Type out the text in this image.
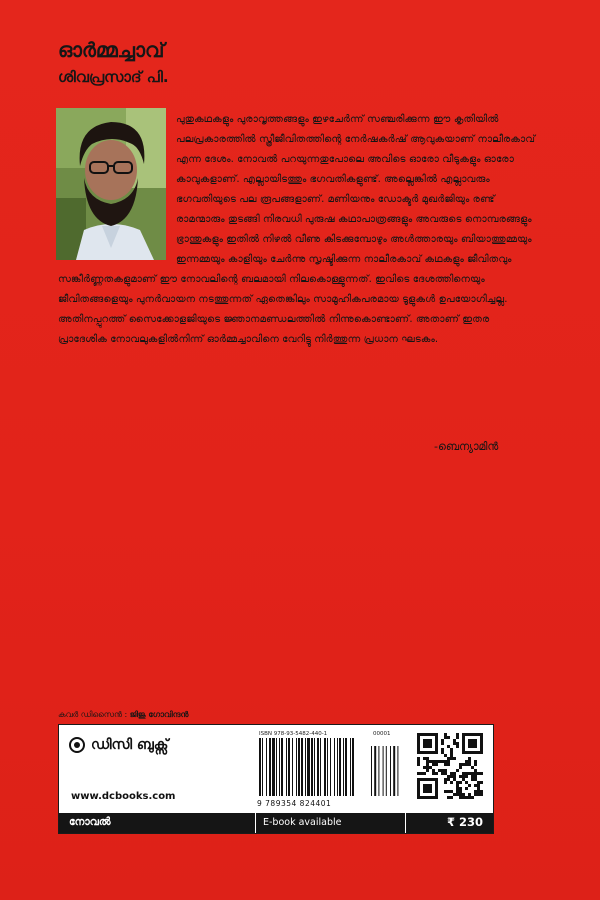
ഓർമ്മച്ചാവ്
ശിവപ്രസാദ് പി.

പുതുകഥകളും പുരാവൃത്തങ്ങളും ഇഴചേർന്ന് സഞ്ചരിക്കുന്ന ഈ കൃതിയിൽ പലപ്രകാരത്തിൽ സ്ത്രീജീവിതത്തിന്റെ നേർഷകർഷ് ആവുകയാണ് നാലീരകാവ് എന്ന ദേശം. നോവൽ പറയുന്നതുപോലെ അവിടെ ഓരോ വീടുകളും ഓരോ കാവുകളാണ്. എല്ലായിടത്തും ഭഗവതികളുണ്ട്. അല്ലെങ്കിൽ എല്ലാവരും ഭഗവതിയുടെ പല രൂപങ്ങളാണ്. മണിയനും ഡോക്ടർ മുഖർജിയും രണ്ട് രാമന്മാരും തുടങ്ങി നിരവധി പുരുഷ കഥാപാത്രങ്ങളും അവരുടെ നൊമ്പരങ്ങളും ഭ്രാന്തുകളും ഇതിൽ നിഴൽ വീണു കിടക്കുമ്പോഴും അൾത്താരയും ബിയാത്തുമ്മയും ഇന്നമ്മയും കാളിയും ചേർന്നു സൃഷ്ടിക്കുന്ന നാലീരകാവ് കഥകളും ജീവിതവും സങ്കീർണ്ണതകളുമാണ് ഈ നോവലിന്റെ ബലമായി നിലകൊള്ളുന്നത്. ഇവിടെ ദേശത്തിനെയും ജീവിതങ്ങളെയും പുനർവായന നടത്തുന്നത് ഏതെങ്കിലും സാമൂഹികപരമായ ടൂളുകൾ ഉപയോഗിച്ചല്ല. അതിനപ്പുറത്ത് സൈക്കോളജിയുടെ ജ്ഞാനമണ്ഡലത്തിൽ നിന്നുകൊണ്ടാണ്. അതാണ് ഇതര പ്രാദേശിക നോവലുകളിൽനിന്ന് ഓർമ്മച്ചാവിനെ വേറിട്ടു നിർത്തുന്ന പ്രധാന ഘടകം.

-ബെന്യാമിൻ
കവർ ഡിസൈൻ : ജിജു ഗോവിന്ദൻ
ഡിസി ബുക്സ്
www.dcbooks.com
ISBN 978-93-5482-440-1	00001
9 789354 824401
നോവൽ	E-book available	₹ 230
